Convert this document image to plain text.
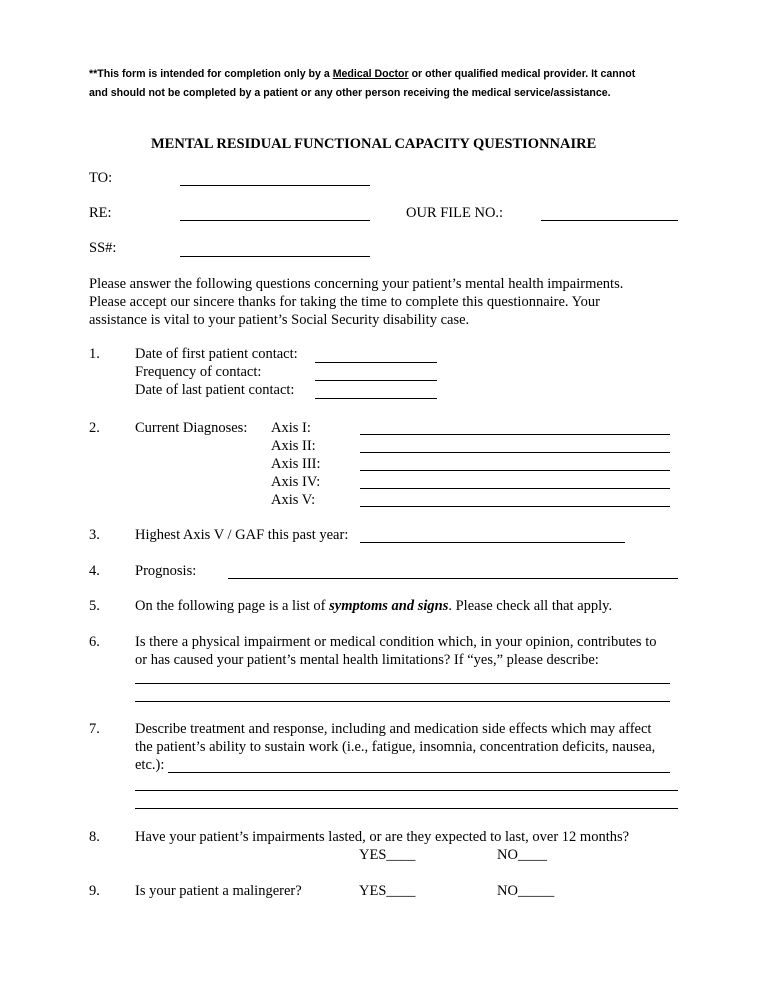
**This form is intended for completion only by a Medical Doctor or other qualified medical provider. It cannot
and should not be completed by a patient or any other person receiving the medical service/assistance.
MENTAL RESIDUAL FUNCTIONAL CAPACITY QUESTIONNAIRE
TO:
RE:	OUR FILE NO.:
SS#:
Please answer the following questions concerning your patient’s mental health impairments.
Please accept our sincere thanks for taking the time to complete this questionnaire. Your
assistance is vital to your patient’s Social Security disability case.
1. Date of first patient contact:
Frequency of contact:
Date of last patient contact:
2. Current Diagnoses: Axis I:
Axis II:
Axis III:
Axis IV:
Axis V:
3. Highest Axis V / GAF this past year:
4. Prognosis:
5. On the following page is a list of symptoms and signs. Please check all that apply.
6. Is there a physical impairment or medical condition which, in your opinion, contributes to
or has caused your patient’s mental health limitations? If “yes,” please describe:
7. Describe treatment and response, including and medication side effects which may affect
the patient’s ability to sustain work (i.e., fatigue, insomnia, concentration deficits, nausea,
etc.):
8. Have your patient’s impairments lasted, or are they expected to last, over 12 months?
YES____	NO____
9. Is your patient a malingerer?	YES____	NO_____
